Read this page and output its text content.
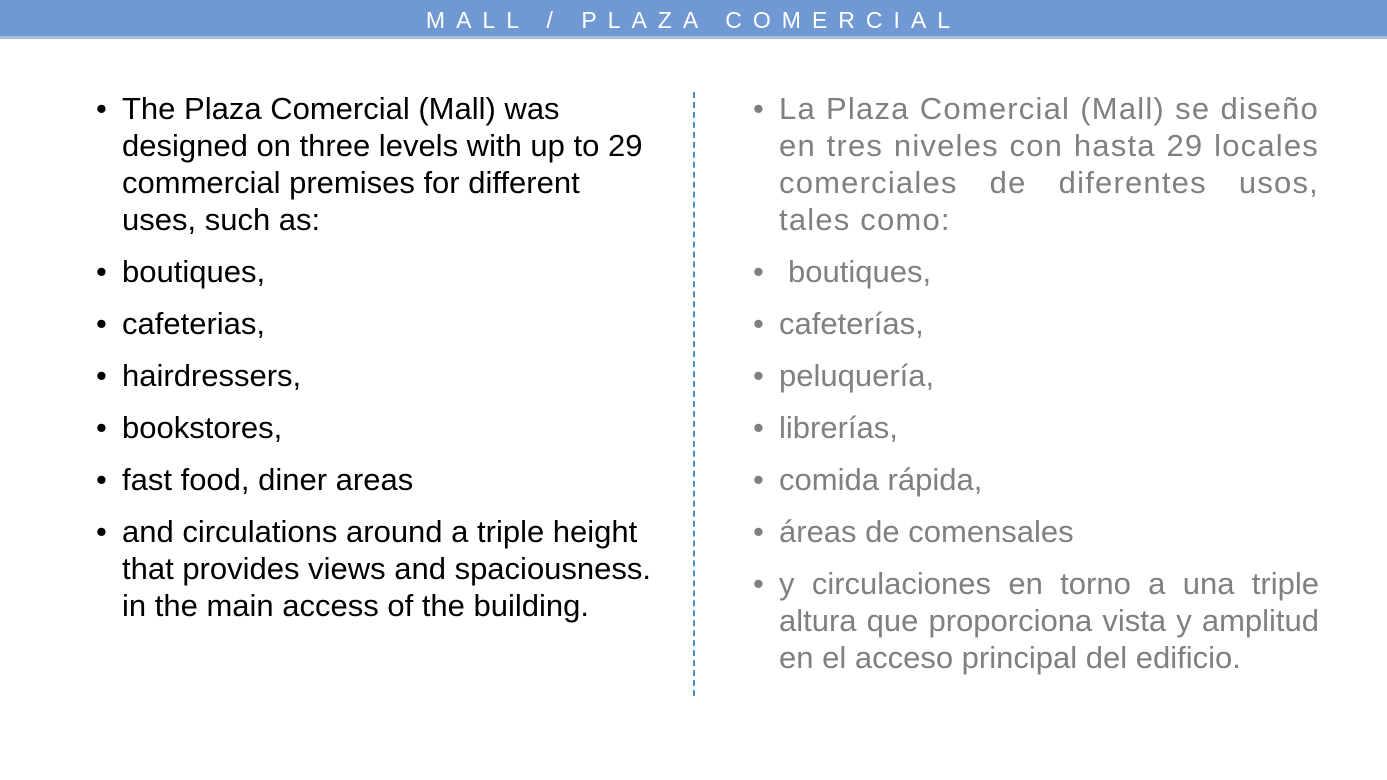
MALL / PLAZA COMERCIAL
• The Plaza Comercial (Mall) was designed on three levels with up to 29 commercial premises for different uses, such as:
• boutiques,
• cafeterias,
• hairdressers,
• bookstores,
• fast food, diner areas
• and circulations around a triple height that provides views and spaciousness. in the main access of the building.
• La Plaza Comercial (Mall) se diseño en tres niveles con hasta 29 locales comerciales de diferentes usos, tales como:
• boutiques,
• cafeterías,
• peluquería,
• librerías,
• comida rápida,
• áreas de comensales
• y circulaciones en torno a una triple altura que proporciona vista y amplitud en el acceso principal del edificio.
